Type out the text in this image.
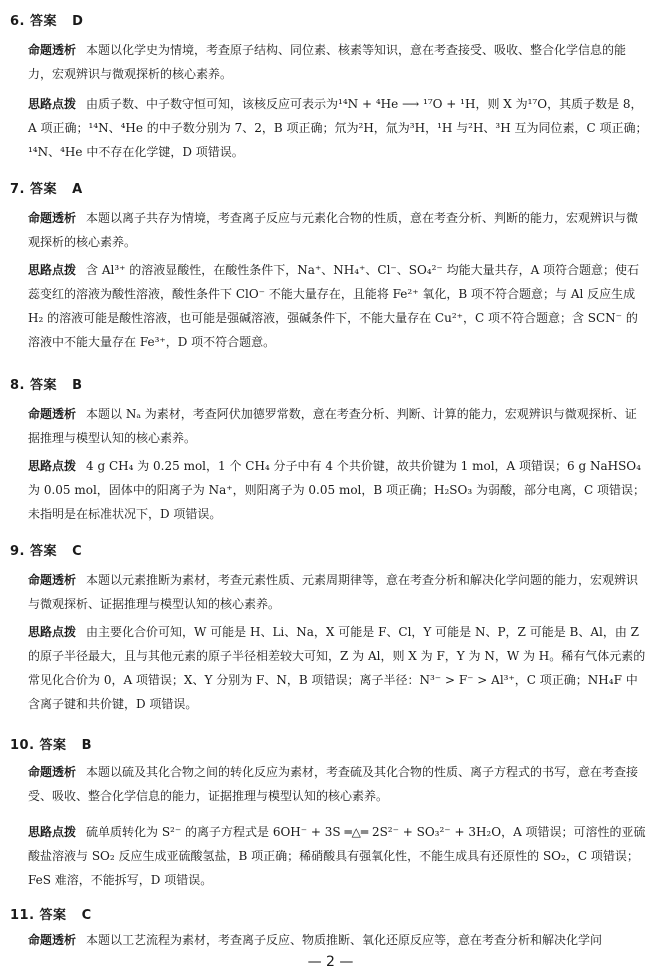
6. 答案 D
命题透析 本题以化学史为情境，考查原子结构、同位素、核素等知识，意在考查接受、吸收、整合化学信息的能力，宏观辨识与微观探析的核心素养。
思路点拨 由质子数、中子数守恒可知，该核反应可表示为¹⁴N + ⁴He ⟶ ¹⁷O + ¹H，则 X 为¹⁷O，其质子数是 8，A 项正确；¹⁴N、⁴He 的中子数分别为 7、2，B 项正确；氘为²H，氚为³H，¹H 与²H、³H 互为同位素，C 项正确；¹⁴N、⁴He 中不存在化学键，D 项错误。
7. 答案 A
命题透析 本题以离子共存为情境，考查离子反应与元素化合物的性质，意在考查分析、判断的能力，宏观辨识与微观探析的核心素养。
思路点拨 含 Al³⁺ 的溶液显酸性，在酸性条件下，Na⁺、NH₄⁺、Cl⁻、SO₄²⁻ 均能大量共存，A 项符合题意；使石蕊变红的溶液为酸性溶液，酸性条件下 ClO⁻ 不能大量存在，且能将 Fe²⁺ 氧化，B 项不符合题意；与 Al 反应生成 H₂ 的溶液可能是酸性溶液，也可能是强碱溶液，强碱条件下，不能大量存在 Cu²⁺，C 项不符合题意；含 SCN⁻ 的溶液中不能大量存在 Fe³⁺，D 项不符合题意。
8. 答案 B
命题透析 本题以 Nₐ 为素材，考查阿伏加德罗常数，意在考查分析、判断、计算的能力，宏观辨识与微观探析、证据推理与模型认知的核心素养。
思路点拨 4 g CH₄ 为 0.25 mol，1 个 CH₄ 分子中有 4 个共价键，故共价键为 1 mol，A 项错误；6 g NaHSO₄ 为 0.05 mol，固体中的阳离子为 Na⁺，则阳离子为 0.05 mol，B 项正确；H₂SO₃ 为弱酸，部分电离，C 项错误；未指明是在标准状况下，D 项错误。
9. 答案 C
命题透析 本题以元素推断为素材，考查元素性质、元素周期律等，意在考查分析和解决化学问题的能力，宏观辨识与微观探析、证据推理与模型认知的核心素养。
思路点拨 由主要化合价可知，W 可能是 H、Li、Na，X 可能是 F、Cl，Y 可能是 N、P，Z 可能是 B、Al，由 Z 的原子半径最大，且与其他元素的原子半径相差较大可知，Z 为 Al，则 X 为 F，Y 为 N，W 为 H。稀有气体元素的常见化合价为 0，A 项错误；X、Y 分别为 F、N，B 项错误；离子半径：N³⁻ > F⁻ > Al³⁺，C 项正确；NH₄F 中含离子键和共价键，D 项错误。
10. 答案 B
命题透析 本题以硫及其化合物之间的转化反应为素材，考查硫及其化合物的性质、离子方程式的书写，意在考查接受、吸收、整合化学信息的能力，证据推理与模型认知的核心素养。
思路点拨 硫单质转化为 S²⁻ 的离子方程式是 6OH⁻ + 3S ═△═ 2S²⁻ + SO₃²⁻ + 3H₂O，A 项错误；可溶性的亚硫酸盐溶液与 SO₂ 反应生成亚硫酸氢盐，B 项正确；稀硝酸具有强氧化性，不能生成具有还原性的 SO₂，C 项错误；FeS 难溶，不能拆写，D 项错误。
11. 答案 C
命题透析 本题以工艺流程为素材，考查离子反应、物质推断、氧化还原反应等，意在考查分析和解决化学问
— 2 —
